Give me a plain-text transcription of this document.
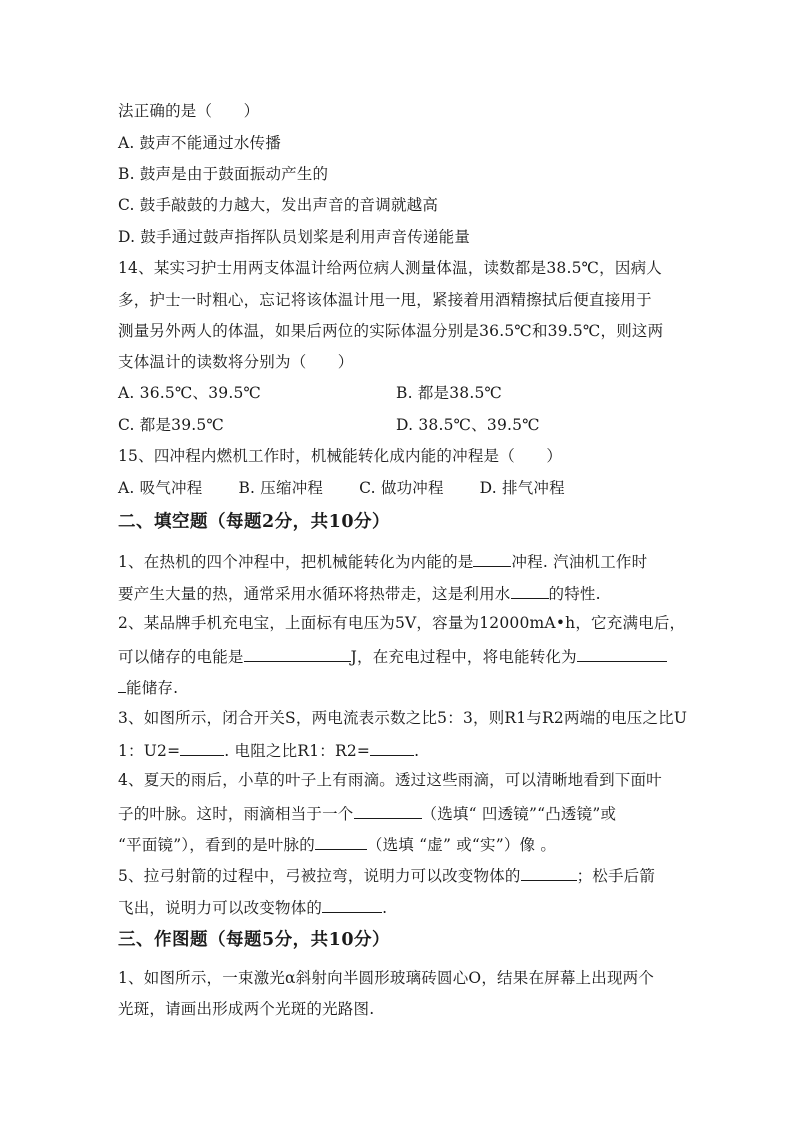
法正确的是（　　）
A. 鼓声不能通过水传播
B. 鼓声是由于鼓面振动产生的
C. 鼓手敲鼓的力越大，发出声音的音调就越高
D. 鼓手通过鼓声指挥队员划桨是利用声音传递能量
14、某实习护士用两支体温计给两位病人测量体温，读数都是38.5℃，因病人
多，护士一时粗心，忘记将该体温计甩一甩，紧接着用酒精擦拭后便直接用于
测量另外两人的体温，如果后两位的实际体温分别是36.5℃和39.5℃，则这两
支体温计的读数将分别为（　　）
A. 36.5℃、39.5℃	B. 都是38.5℃
C. 都是39.5℃	D. 38.5℃、39.5℃
15、四冲程内燃机工作时，机械能转化成内能的冲程是（　　）
A. 吸气冲程 B. 压缩冲程 C. 做功冲程 D. 排气冲程
二、填空题（每题2分，共10分）
1、在热机的四个冲程中，把机械能转化为内能的是 冲程. 汽油机工作时
要产生大量的热，通常采用水循环将热带走，这是利用水 的特性.
2、某品牌手机充电宝，上面标有电压为5V，容量为12000mA•h，它充满电后，
可以储存的电能是	J，在充电过程中，将电能转化为
能储存.
3、如图所示，闭合开关S，两电流表示数之比5：3，则R1与R2两端的电压之比U
1：U2=	. 电阻之比R1：R2=	.
4、夏天的雨后，小草的叶子上有雨滴。透过这些雨滴，可以清晰地看到下面叶
子的叶脉。这时，雨滴相当于一个	（选填“ 凹透镜”“凸透镜”或
“平面镜”），看到的是叶脉的	（选填 “虚” 或“实”）像 。
5、拉弓射箭的过程中，弓被拉弯，说明力可以改变物体的	；松手后箭
飞出，说明力可以改变物体的	.
三、作图题（每题5分，共10分）
1、如图所示，一束激光α斜射向半圆形玻璃砖圆心O，结果在屏幕上出现两个
光斑，请画出形成两个光斑的光路图.
